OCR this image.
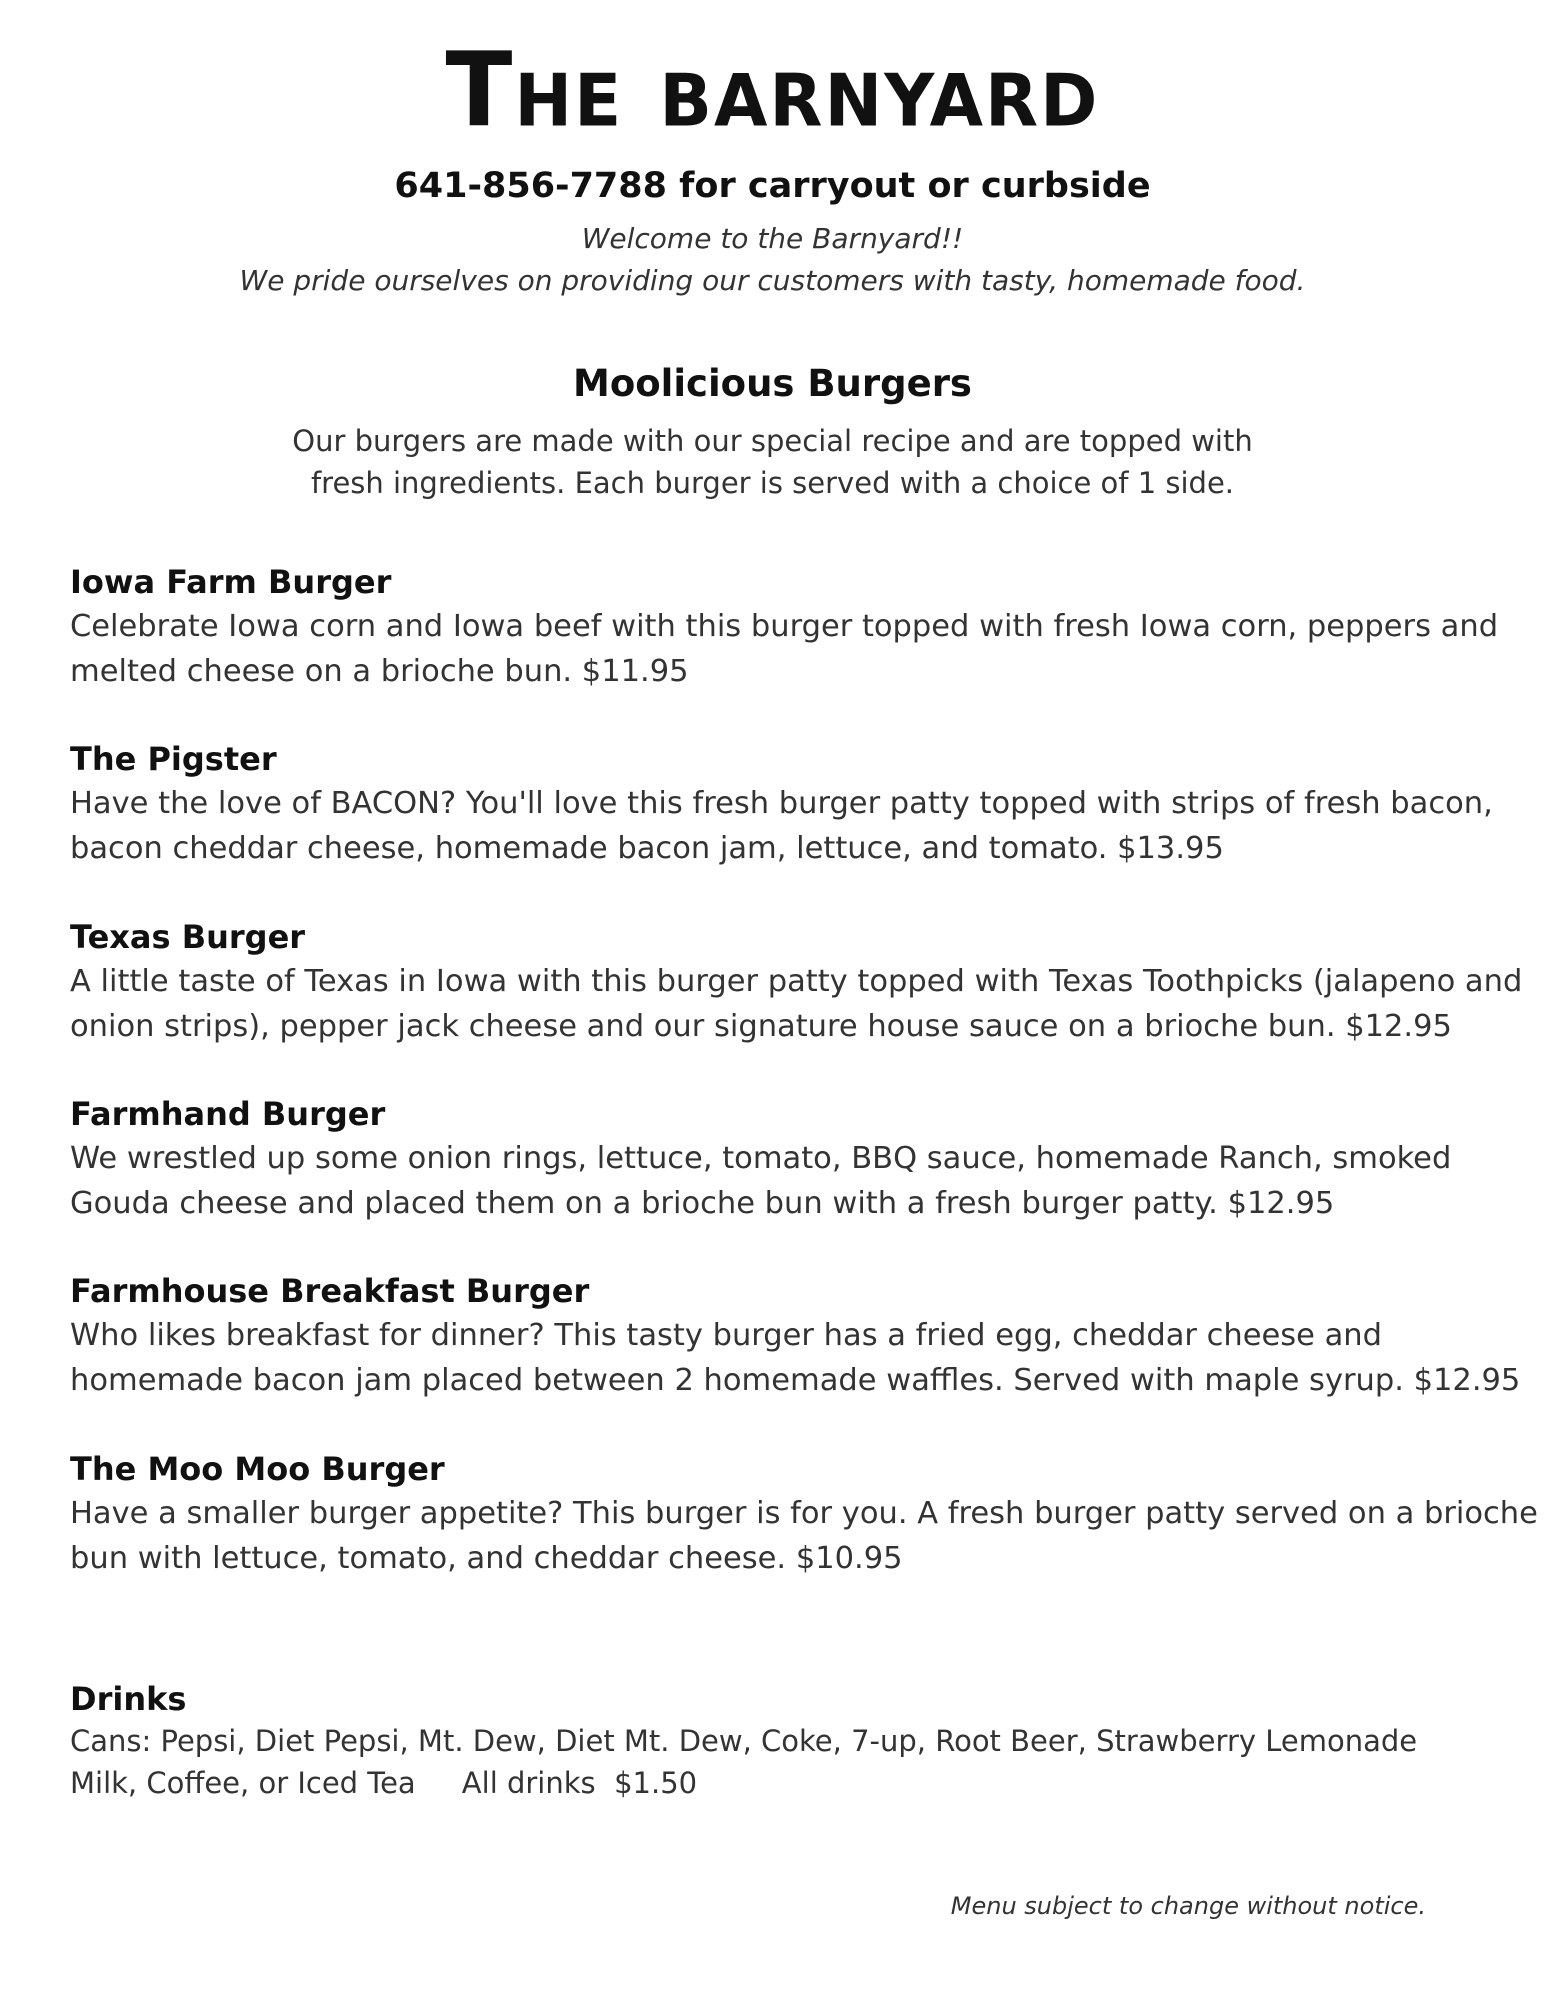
The barnyard
641-856-7788 for carryout or curbside
Welcome to the Barnyard!!
We pride ourselves on providing our customers with tasty, homemade food.
Moolicious Burgers
Our burgers are made with our special recipe and are topped with
fresh ingredients. Each burger is served with a choice of 1 side.
Iowa Farm Burger
Celebrate Iowa corn and Iowa beef with this burger topped with fresh Iowa corn, peppers and
melted cheese on a brioche bun. $11.95
The Pigster
Have the love of BACON? You'll love this fresh burger patty topped with strips of fresh bacon,
bacon cheddar cheese, homemade bacon jam, lettuce, and tomato. $13.95
Texas Burger
A little taste of Texas in Iowa with this burger patty topped with Texas Toothpicks (jalapeno and
onion strips), pepper jack cheese and our signature house sauce on a brioche bun. $12.95
Farmhand Burger
We wrestled up some onion rings, lettuce, tomato, BBQ sauce, homemade Ranch, smoked
Gouda cheese and placed them on a brioche bun with a fresh burger patty. $12.95
Farmhouse Breakfast Burger
Who likes breakfast for dinner? This tasty burger has a fried egg, cheddar cheese and
homemade bacon jam placed between 2 homemade waffles. Served with maple syrup. $12.95
The Moo Moo Burger
Have a smaller burger appetite? This burger is for you. A fresh burger patty served on a brioche
bun with lettuce, tomato, and cheddar cheese. $10.95
Drinks
Cans: Pepsi, Diet Pepsi, Mt. Dew, Diet Mt. Dew, Coke, 7-up, Root Beer, Strawberry Lemonade
Milk, Coffee, or Iced Tea     All drinks  $1.50
Menu subject to change without notice.
